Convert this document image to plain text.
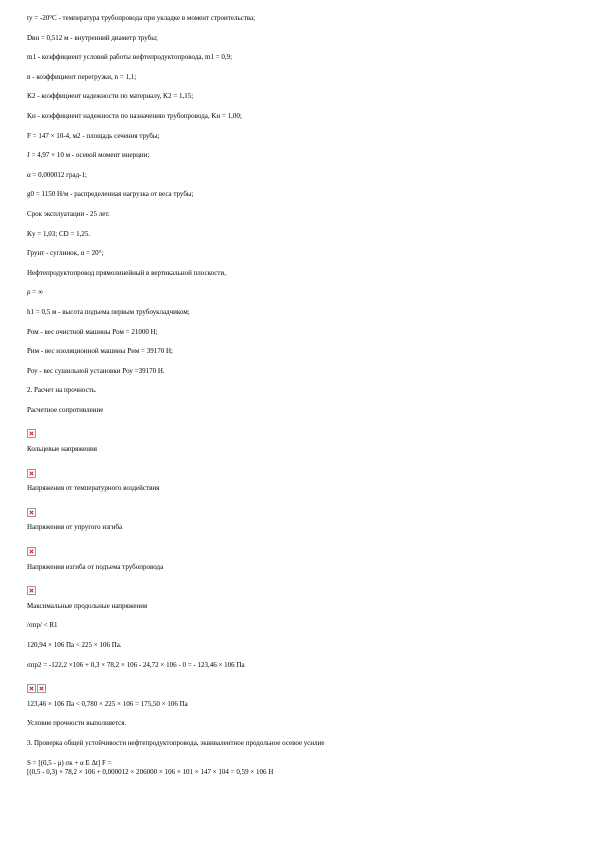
ty = -20°C - температура трубопровода при укладке в момент строительства;
Dвн = 0,512 м - внутренний диаметр трубы;
m1 - коэффициент условий работы нефтепродуктопровода, m1 = 0,9;
n - коэффициент перегрузки, n = 1,1;
K2 - коэффициент надежности по материалу, K2 = 1,15;
Kн - коэффициент надежности по назначению трубопровода, Kн = 1,00;
F = 147 × 10-4, м2 - площадь сечения трубы;
J = 4,97 × 10 м - осевой момент инерции;
α = 0,000012 град-1;
g0 = 1150 Н/м - распределенная нагрузка от веса трубы;
Срок эксплуатации - 25 лет.
Ky = 1,03; CD = 1,25.
Грунт - суглинок, α = 20°;
Нефтепродуктопровод прямолинейный в вертикальной плоскости,
ρ = ∞
h1 = 0,5 м - высота подъема первым трубоукладчиком;
Pом - вес очистной машины Pом = 21000 Н;
Pим - вес изоляционной машины Pим = 39170 Н;
Pоу - вес сушильной установки Pоу =39170 Н.
2. Расчет на прочность.
Расчетное сопротивление
Кольцевые напряжения
Напряжения от температурного воздействия
Напряжения от упругого изгиба
Напряжения изгиба от подъема трубопровода
Максимальные продольные напряжения
/σпр/ < R1
120,94 × 106 Па < 225 × 106 Па.
σпр2 = -122,2 ×106 + 0,3 × 78,2 × 106 - 24,72 × 106 - 0 = - 123,46 × 106 Па
123,46 × 106 Па < 0,780 × 225 × 106 = 175,50 × 106 Па
Условие прочности выполняется.
3. Проверка общей устойчивости нефтепродуктопровода, эквивалентное продольное осевое усилие
S = [(0,5 - μ) σк + α E Δt] F =
[(0,5 - 0,3) × 78,2 × 106 + 0,000012 × 206000 × 106 × 101 × 147 × 104 = 0,59 × 106 Н
